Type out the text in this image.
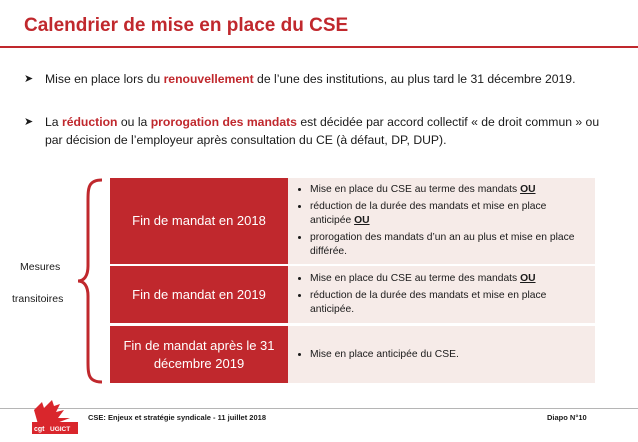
Calendrier de mise en place du CSE
➤ Mise en place lors du renouvellement de l’une des institutions, au plus tard le 31 décembre 2019.
➤ La réduction ou la prorogation des mandats est décidée par accord collectif « de droit commun » ou par décision de l’employeur après consultation du CE (à défaut, DP, DUP).
Mesures
transitoires
Fin de mandat en 2018
• Mise en place du CSE au terme des mandats OU
• réduction de la durée des mandats et mise en place anticipée OU
• prorogation des mandats d’un an au plus et mise en place différée.
Fin de mandat en 2019
• Mise en place du CSE au terme des mandats OU
• réduction de la durée des mandats et mise en place anticipée.
Fin de mandat après le 31 décembre 2019
• Mise en place anticipée du CSE.
cgt UGICT
CSE: Enjeux et stratégie syndicale - 11 juillet 2018	Diapo N°10
